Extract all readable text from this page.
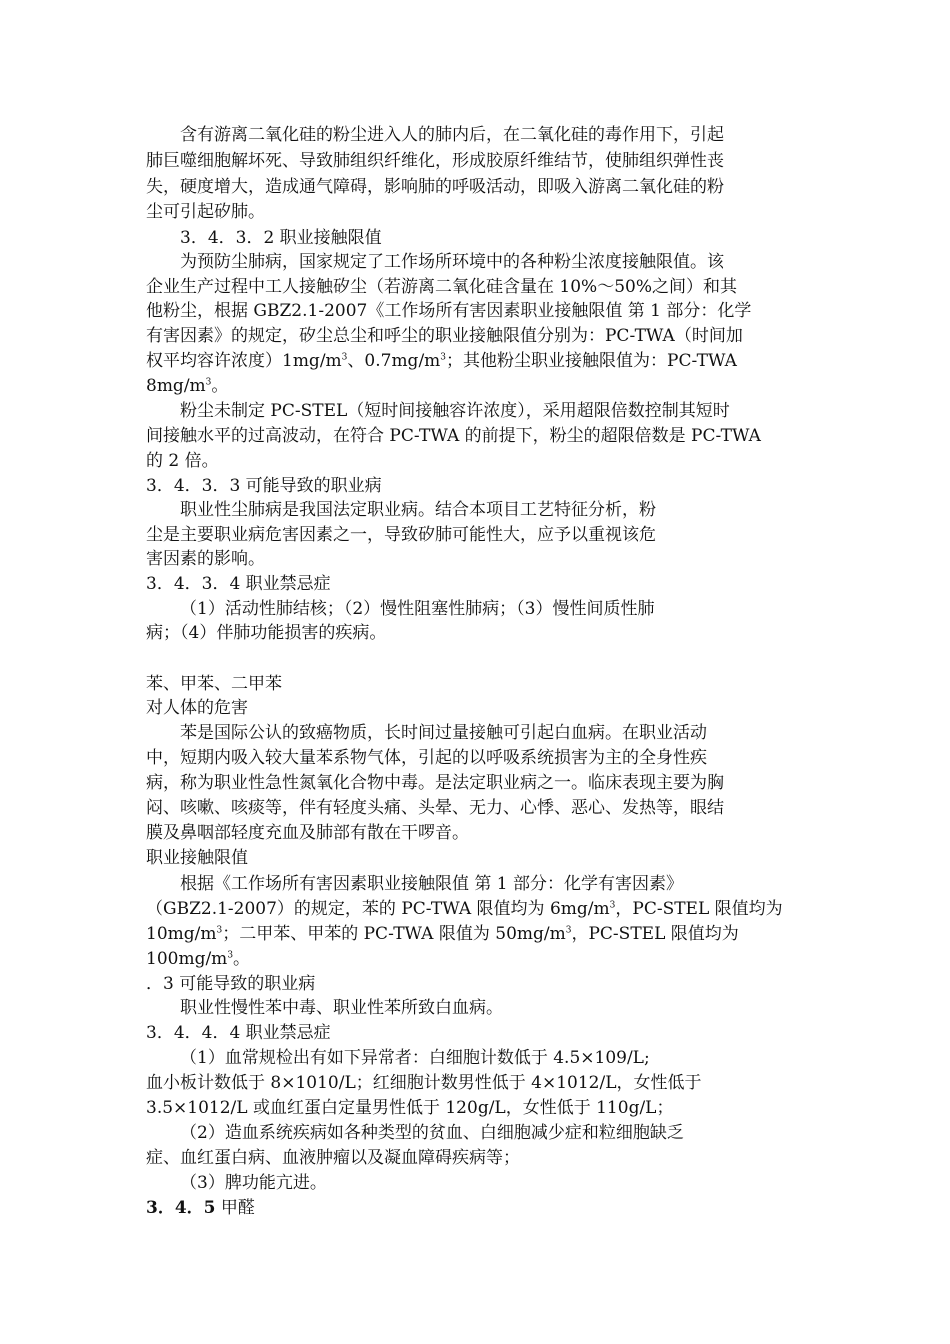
含有游离二氧化硅的粉尘进入人的肺内后，在二氧化硅的毒作用下，引起
肺巨噬细胞解坏死、导致肺组织纤维化，形成胶原纤维结节，使肺组织弹性丧
失，硬度增大，造成通气障碍，影响肺的呼吸活动，即吸入游离二氧化硅的粉
尘可引起矽肺。
3．4．3．2 职业接触限值
为预防尘肺病，国家规定了工作场所环境中的各种粉尘浓度接触限值。该
企业生产过程中工人接触矽尘（若游离二氧化硅含量在 10%～50%之间）和其
他粉尘，根据 GBZ2.1-2007《工作场所有害因素职业接触限值 第 1 部分：化学
有害因素》的规定，矽尘总尘和呼尘的职业接触限值分别为：PC-TWA（时间加
权平均容许浓度）$1mg/m^3$、$0.7mg/m^3$；其他粉尘职业接触限值为：PC-TWA
$8mg/m^3$。
粉尘未制定 PC-STEL（短时间接触容许浓度），采用超限倍数控制其短时
间接触水平的过高波动，在符合 PC-TWA 的前提下，粉尘的超限倍数是 PC-TWA
的 2 倍。
3．4．3．3 可能导致的职业病
职业性尘肺病是我国法定职业病。结合本项目工艺特征分析，粉
尘是主要职业病危害因素之一，导致矽肺可能性大，应予以重视该危
害因素的影响。
3．4．3．4 职业禁忌症
（1）活动性肺结核；（2）慢性阻塞性肺病；（3）慢性间质性肺
病；（4）伴肺功能损害的疾病。
苯、甲苯、二甲苯
对人体的危害
苯是国际公认的致癌物质，长时间过量接触可引起白血病。在职业活动
中，短期内吸入较大量苯系物气体，引起的以呼吸系统损害为主的全身性疾
病，称为职业性急性氮氧化合物中毒。是法定职业病之一。临床表现主要为胸
闷、咳嗽、咳痰等，伴有轻度头痛、头晕、无力、心悸、恶心、发热等，眼结
膜及鼻咽部轻度充血及肺部有散在干啰音。
职业接触限值
根据《工作场所有害因素职业接触限值 第 1 部分：化学有害因素》
（GBZ2.1-2007）的规定，苯的 PC-TWA 限值均为 $6mg/m^3$，PC-STEL 限值均为
$10mg/m^3$；二甲苯、甲苯的 PC-TWA 限值为 $50mg/m^3$，PC-STEL 限值均为
$100mg/m^3$。
．3 可能导致的职业病
职业性慢性苯中毒、职业性苯所致白血病。
3．4．4．4 职业禁忌症
（1）血常规检出有如下异常者：白细胞计数低于 4.5×109/L;
血小板计数低于 8×1010/L；红细胞计数男性低于 4×1012/L，女性低于
3.5×1012/L 或血红蛋白定量男性低于 120g/L，女性低于 110g/L；
（2）造血系统疾病如各种类型的贫血、白细胞减少症和粒细胞缺乏
症、血红蛋白病、血液肿瘤以及凝血障碍疾病等；
（3）脾功能亢进。
3．4．5 甲醛
